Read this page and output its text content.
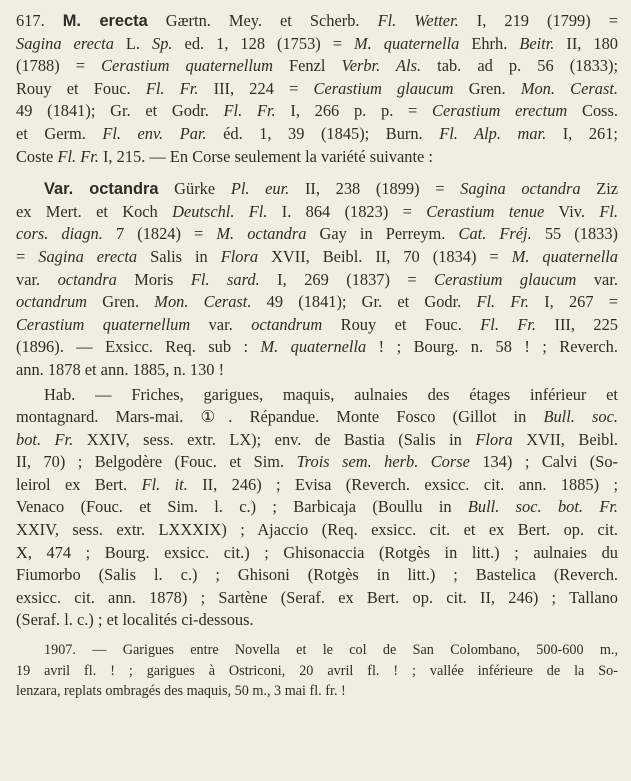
617. M. erecta Gærtn. Mey. et Scherb. Fl. Wetter. I, 219 (1799) =
Sagina erecta L. Sp. ed. 1, 128 (1753) = M. quaternella Ehrh. Beitr. II, 180
(1788) = Cerastium quaternellum Fenzl Verbr. Als. tab. ad p. 56 (1833);
Rouy et Fouc. Fl. Fr. III, 224 = Cerastium glaucum Gren. Mon. Cerast.
49 (1841); Gr. et Godr. Fl. Fr. I, 266 p. p. = Cerastium erectum Coss.
et Germ. Fl. env. Par. éd. 1, 39 (1845); Burn. Fl. Alp. mar. I, 261;
Coste Fl. Fr. I, 215. — En Corse seulement la variété suivante :
Var. octandra Gürke Pl. eur. II, 238 (1899) = Sagina octandra Ziz
ex Mert. et Koch Deutschl. Fl. I. 864 (1823) = Cerastium tenue Viv. Fl.
cors. diagn. 7 (1824) = M. octandra Gay in Perreym. Cat. Fréj. 55 (1833)
= Sagina erecta Salis in Flora XVII, Beibl. II, 70 (1834) = M. quaternella
var. octandra Moris Fl. sard. I, 269 (1837) = Cerastium glaucum var.
octandrum Gren. Mon. Cerast. 49 (1841); Gr. et Godr. Fl. Fr. I, 267 =
Cerastium quaternellum var. octandrum Rouy et Fouc. Fl. Fr. III, 225
(1896). — Exsicc. Req. sub : M. quaternella ! ; Bourg. n. 58 ! ; Reverch.
ann. 1878 et ann. 1885, n. 130 !
Hab. — Friches, garigues, maquis, aulnaies des étages inférieur et
montagnard. Mars-mai. ①. Répandue. Monte Fosco (Gillot in Bull. soc.
bot. Fr. XXIV, sess. extr. LX); env. de Bastia (Salis in Flora XVII, Beibl.
II, 70) ; Belgodère (Fouc. et Sim. Trois sem. herb. Corse 134) ; Calvi (So-
leirol ex Bert. Fl. it. II, 246) ; Evisa (Reverch. exsicc. cit. ann. 1885) ;
Venaco (Fouc. et Sim. l. c.) ; Barbicaja (Boullu in Bull. soc. bot. Fr.
XXIV, sess. extr. LXXXIX) ; Ajaccio (Req. exsicc. cit. et ex Bert. op. cit.
X, 474 ; Bourg. exsicc. cit.) ; Ghisonaccia (Rotgès in litt.) ; aulnaies du
Fiumorbo (Salis l. c.) ; Ghisoni (Rotgès in litt.) ; Bastelica (Reverch.
exsicc. cit. ann. 1878) ; Sartène (Seraf. ex Bert. op. cit. II, 246) ; Tallano
(Seraf. l. c.) ; et localités ci-dessous.
1907. — Garigues entre Novella et le col de San Colombano, 500-600 m.,
19 avril fl. ! ; garigues à Ostriconi, 20 avril fl. ! ; vallée inférieure de la So-
lenzara, replats ombragés des maquis, 50 m., 3 mai fl. fr. !
